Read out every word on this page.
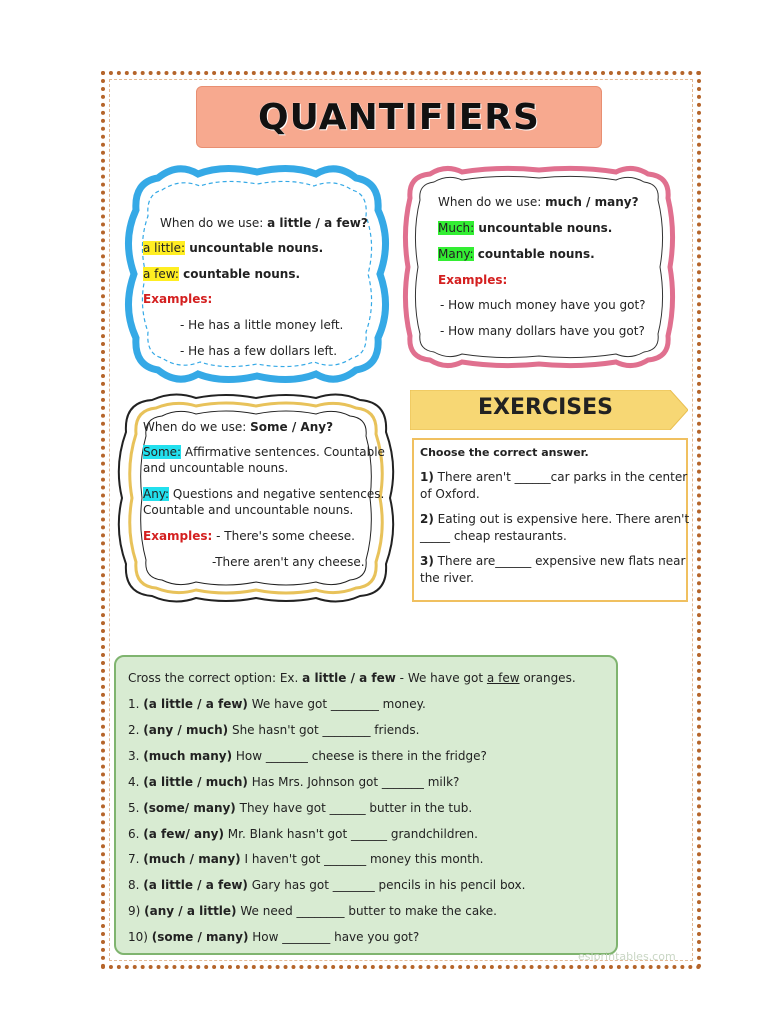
QUANTIFIERS
When do we use: a little / a few?
a little: uncountable nouns.
a few: countable nouns.
Examples:
- He has a little money left.
- He has a few dollars left.
When do we use: much / many?
Much: uncountable nouns.
Many: countable nouns.
Examples:
- How much money have you got?
- How many dollars have you got?
When do we use: Some / Any?
Some: Affirmative sentences. Countable
and uncountable nouns.
Any: Questions and negative sentences.
Countable and uncountable nouns.
Examples: - There's some cheese.
-There aren't any cheese.
EXERCISES
Choose the correct answer.
1) There aren't ______car parks in the center
of Oxford.
2) Eating out is expensive here. There aren't
_____ cheap restaurants.
3) There are______ expensive new flats near
the river.
Cross the correct option: Ex. a little / a few - We have got a few oranges.
1. (a little / a few) We have got ________ money.
2. (any / much) She hasn't got ________ friends.
3. (much many) How _______ cheese is there in the fridge?
4. (a little / much) Has Mrs. Johnson got _______ milk?
5. (some/ many) They have got ______ butter in the tub.
6. (a few/ any) Mr. Blank hasn't got ______ grandchildren.
7. (much / many) I haven't got _______ money this month.
8. (a little / a few) Gary has got _______ pencils in his pencil box.
9) (any / a little) We need ________ butter to make the cake.
10) (some / many) How ________ have you got?
eslprintables.com
